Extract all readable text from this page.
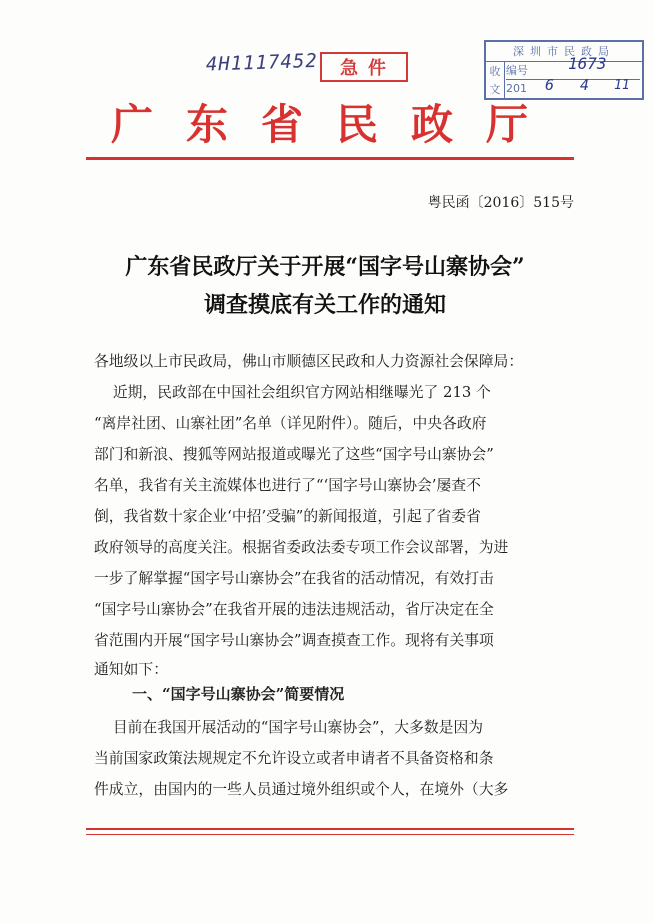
4H1117452	急件
深圳市民政局
收
文
编号
201
1673
6 4 11
广东省民政厅
粤民函〔2016〕515号
广东省民政厅关于开展“国字号山寨协会”
调查摸底有关工作的通知
各地级以上市民政局，佛山市顺德区民政和人力资源社会保障局：
近期，民政部在中国社会组织官方网站相继曝光了 213 个
“离岸社团、山寨社团”名单（详见附件）。随后，中央各政府
部门和新浪、搜狐等网站报道或曝光了这些“国字号山寨协会”
名单，我省有关主流媒体也进行了“‘国字号山寨协会’屡查不
倒，我省数十家企业‘中招’受骗”的新闻报道，引起了省委省
政府领导的高度关注。根据省委政法委专项工作会议部署，为进
一步了解掌握“国字号山寨协会”在我省的活动情况，有效打击
“国字号山寨协会”在我省开展的违法违规活动，省厅决定在全
省范围内开展“国字号山寨协会”调查摸查工作。现将有关事项
通知如下：
一、“国字号山寨协会”简要情况
目前在我国开展活动的“国字号山寨协会”，大多数是因为
当前国家政策法规规定不允许设立或者申请者不具备资格和条
件成立，由国内的一些人员通过境外组织或个人，在境外（大多
